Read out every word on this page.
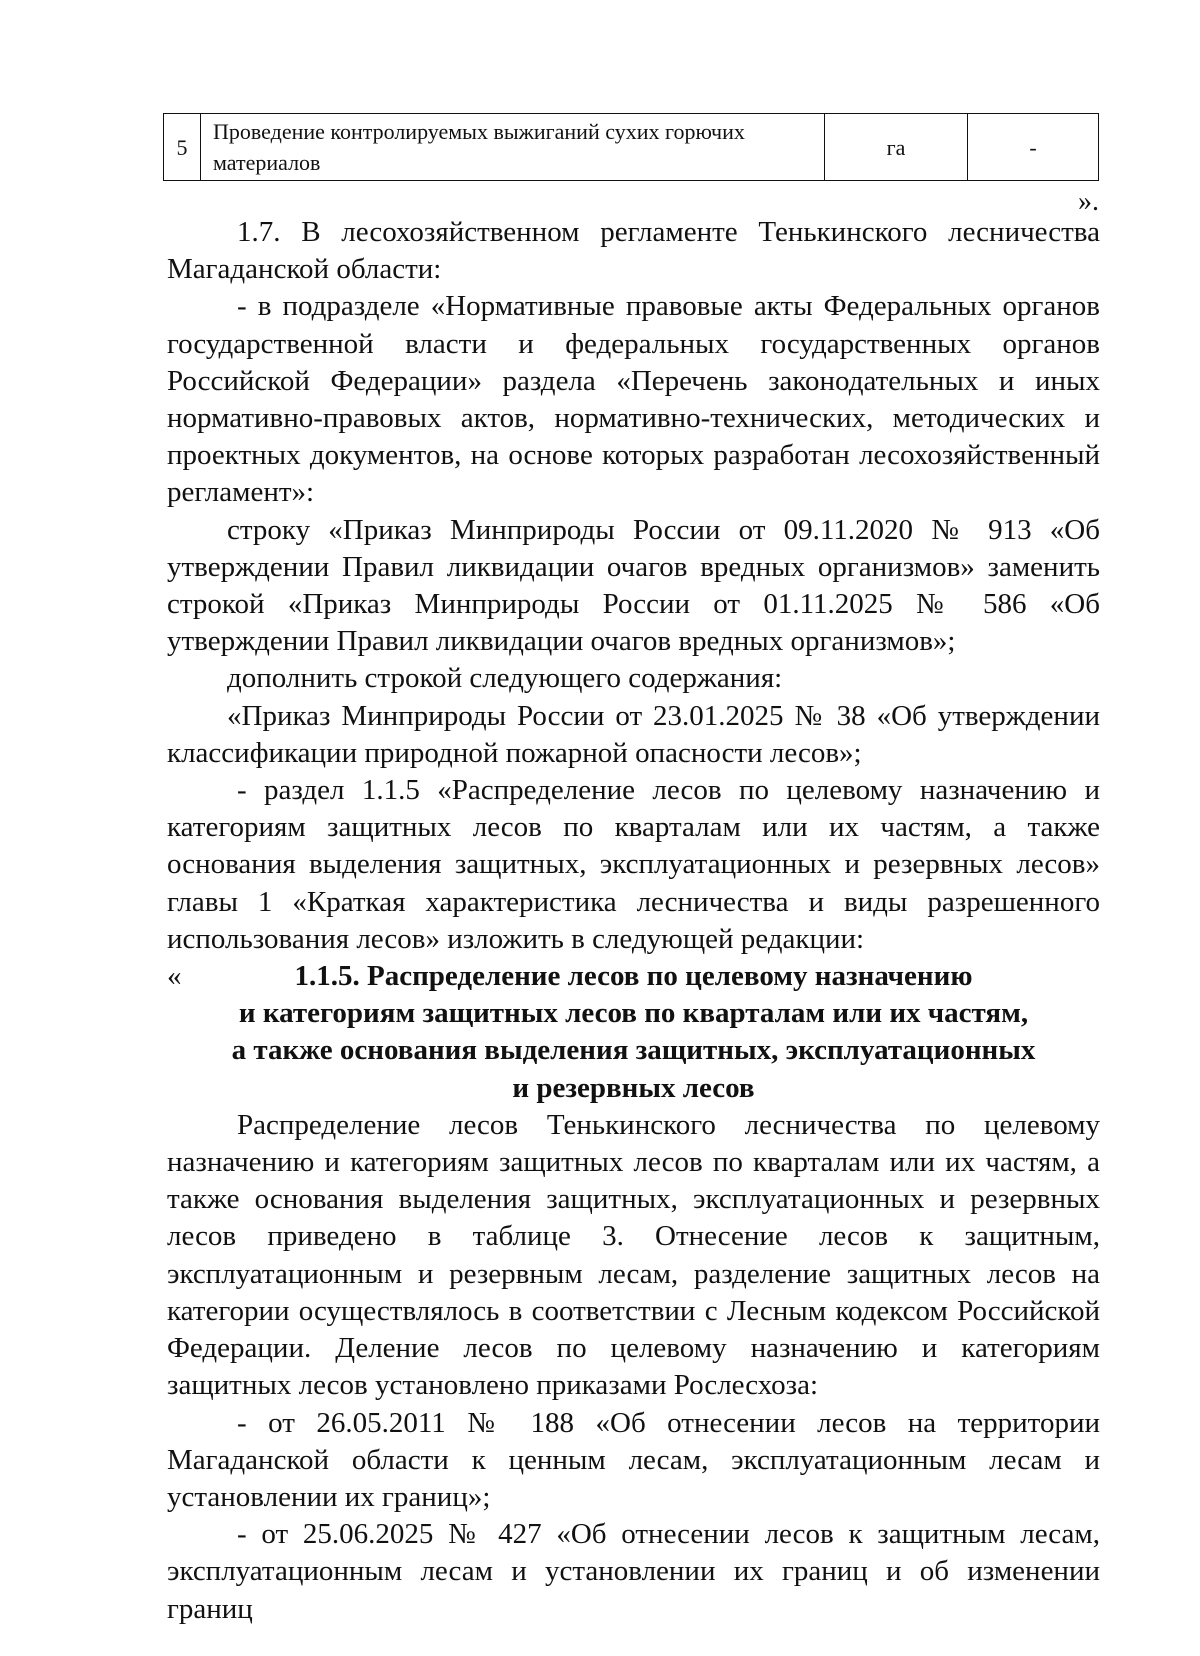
5	Проведение контролируемых выжиганий сухих горючих
материалов	га	-
».

1.7. В лесохозяйственном регламенте Тенькинского лесничества Магаданской области:

- в подразделе «Нормативные правовые акты Федеральных органов государственной власти и федеральных государственных органов Российской Федерации» раздела «Перечень законодательных и иных нормативно-правовых актов, нормативно-технических, методических и проектных документов, на основе которых разработан лесохозяйственный регламент»:

строку «Приказ Минприроды России от 09.11.2020 № 913 «Об утверждении Правил ликвидации очагов вредных организмов» заменить строкой «Приказ Минприроды России от 01.11.2025 № 586 «Об утверждении Правил ликвидации очагов вредных организмов»;

дополнить строкой следующего содержания:

«Приказ Минприроды России от 23.01.2025 № 38 «Об утверждении классификации природной пожарной опасности лесов»;

- раздел 1.1.5 «Распределение лесов по целевому назначению и категориям защитных лесов по кварталам или их частям, а также основания выделения защитных, эксплуатационных и резервных лесов» главы 1 «Краткая характеристика лесничества и виды разрешенного использования лесов» изложить в следующей редакции:

«	1.1.5. Распределение лесов по целевому назначению
и категориям защитных лесов по кварталам или их частям,
а также основания выделения защитных, эксплуатационных
и резервных лесов

Распределение лесов Тенькинского лесничества по целевому назначению и категориям защитных лесов по кварталам или их частям, а также основания выделения защитных, эксплуатационных и резервных лесов приведено в таблице 3. Отнесение лесов к защитным, эксплуатационным и резервным лесам, разделение защитных лесов на категории осуществлялось в соответствии с Лесным кодексом Российской Федерации. Деление лесов по целевому назначению и категориям защитных лесов установлено приказами Рослесхоза:

- от 26.05.2011 № 188 «Об отнесении лесов на территории Магаданской области к ценным лесам, эксплуатационным лесам и установлении их границ»;

- от 25.06.2025 № 427 «Об отнесении лесов к защитным лесам, эксплуатационным лесам и установлении их границ и об изменении границ
